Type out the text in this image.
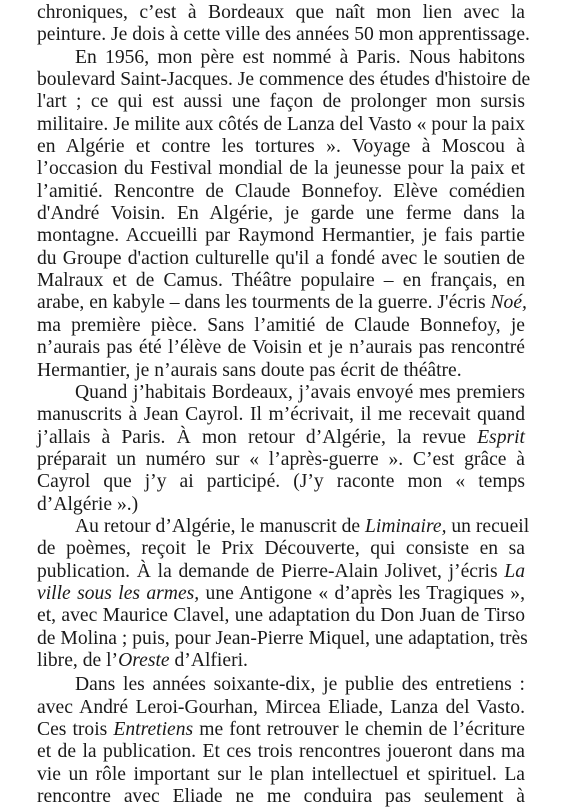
chroniques, c’est à Bordeaux que naît mon lien avec la
peinture. Je dois à cette ville des années 50 mon apprentissage.
En 1956, mon père est nommé à Paris. Nous habitons
boulevard Saint-Jacques. Je commence des études d'histoire de
l'art ; ce qui est aussi une façon de prolonger mon sursis
militaire. Je milite aux côtés de Lanza del Vasto « pour la paix
en Algérie et contre les tortures ». Voyage à Moscou à
l’occasion du Festival mondial de la jeunesse pour la paix et
l’amitié. Rencontre de Claude Bonnefoy. Elève comédien
d'André Voisin. En Algérie, je garde une ferme dans la
montagne. Accueilli par Raymond Hermantier, je fais partie
du Groupe d'action culturelle qu'il a fondé avec le soutien de
Malraux et de Camus. Théâtre populaire – en français, en
arabe, en kabyle – dans les tourments de la guerre. J'écris Noé,
ma première pièce. Sans l’amitié de Claude Bonnefoy, je
n’aurais pas été l’élève de Voisin et je n’aurais pas rencontré
Hermantier, je n’aurais sans doute pas écrit de théâtre.
Quand j’habitais Bordeaux, j’avais envoyé mes premiers
manuscrits à Jean Cayrol. Il m’écrivait, il me recevait quand
j’allais à Paris. À mon retour d’Algérie, la revue Esprit
préparait un numéro sur « l’après-guerre ». C’est grâce à
Cayrol que j’y ai participé. (J’y raconte mon « temps
d’Algérie ».)
Au retour d’Algérie, le manuscrit de Liminaire, un recueil
de poèmes, reçoit le Prix Découverte, qui consiste en sa
publication. À la demande de Pierre-Alain Jolivet, j’écris La
ville sous les armes, une Antigone « d’après les Tragiques »,
et, avec Maurice Clavel, une adaptation du Don Juan de Tirso
de Molina ; puis, pour Jean-Pierre Miquel, une adaptation, très
libre, de l’Oreste d’Alfieri.
Dans les années soixante-dix, je publie des entretiens :
avec André Leroi-Gourhan, Mircea Eliade, Lanza del Vasto.
Ces trois Entretiens me font retrouver le chemin de l’écriture
et de la publication. Et ces trois rencontres joueront dans ma
vie un rôle important sur le plan intellectuel et spirituel. La
rencontre avec Eliade ne me conduira pas seulement à
